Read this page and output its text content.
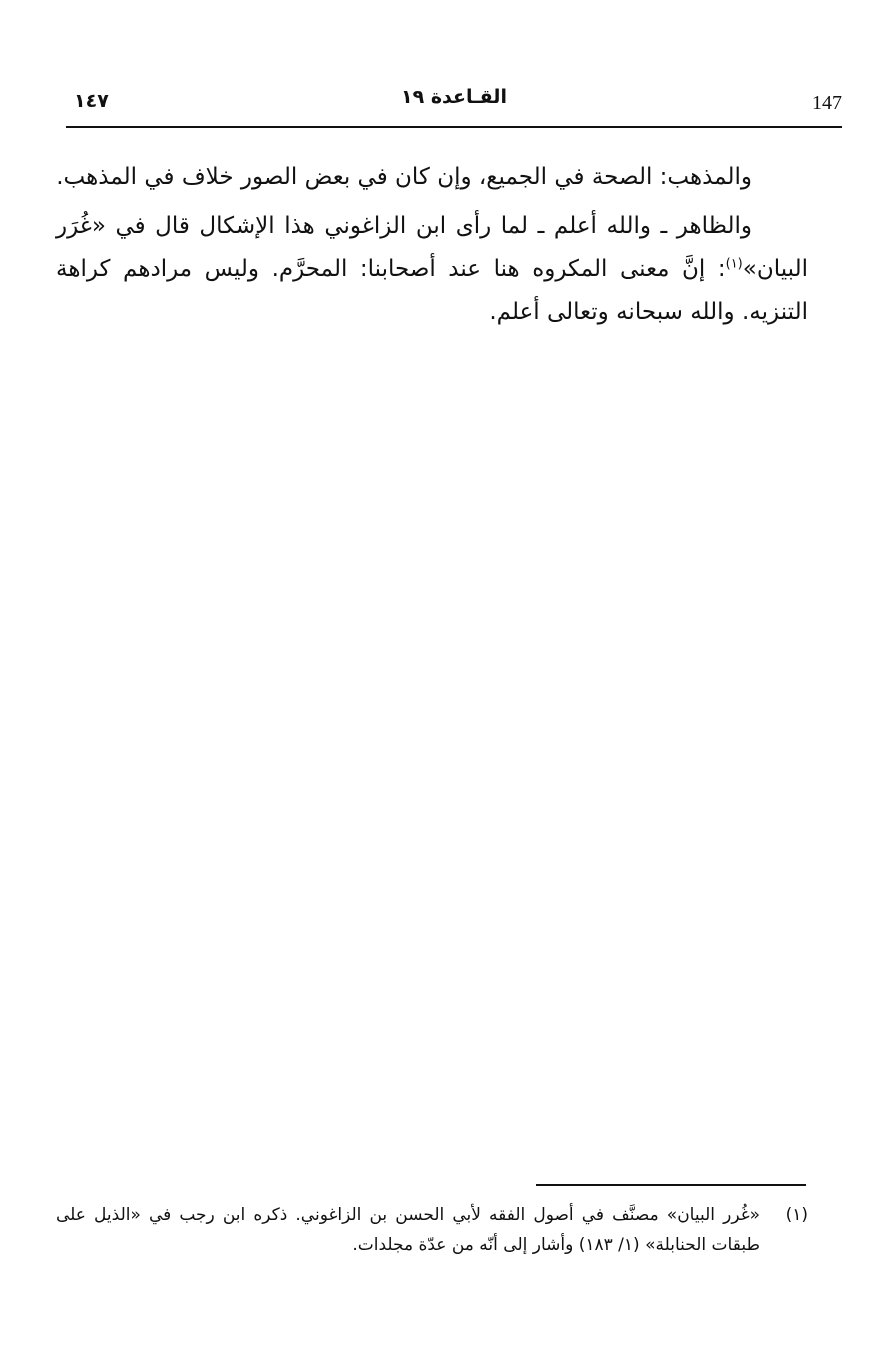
147
القـاعدة ١٩
١٤٧

والمذهب: الصحة في الجميع، وإن كان في بعض الصور خلاف في المذهب.

والظاهر ـ والله أعلم ـ لما رأى ابن الزاغوني هذا الإشكال قال في «غُرَر البيان»$^{(١)}$: إنَّ معنى المكروه هنا عند أصحابنا: المحرَّم. وليس مرادهم كراهة التنزيه. والله سبحانه وتعالى أعلم.

(١)
«غُرر البيان» مصنَّف في أصول الفقه لأبي الحسن بن الزاغوني. ذكره ابن رجب في «الذيل على طبقات الحنابلة» (١/ ١٨٣) وأشار إلى أنّه من عدّة مجلدات.
